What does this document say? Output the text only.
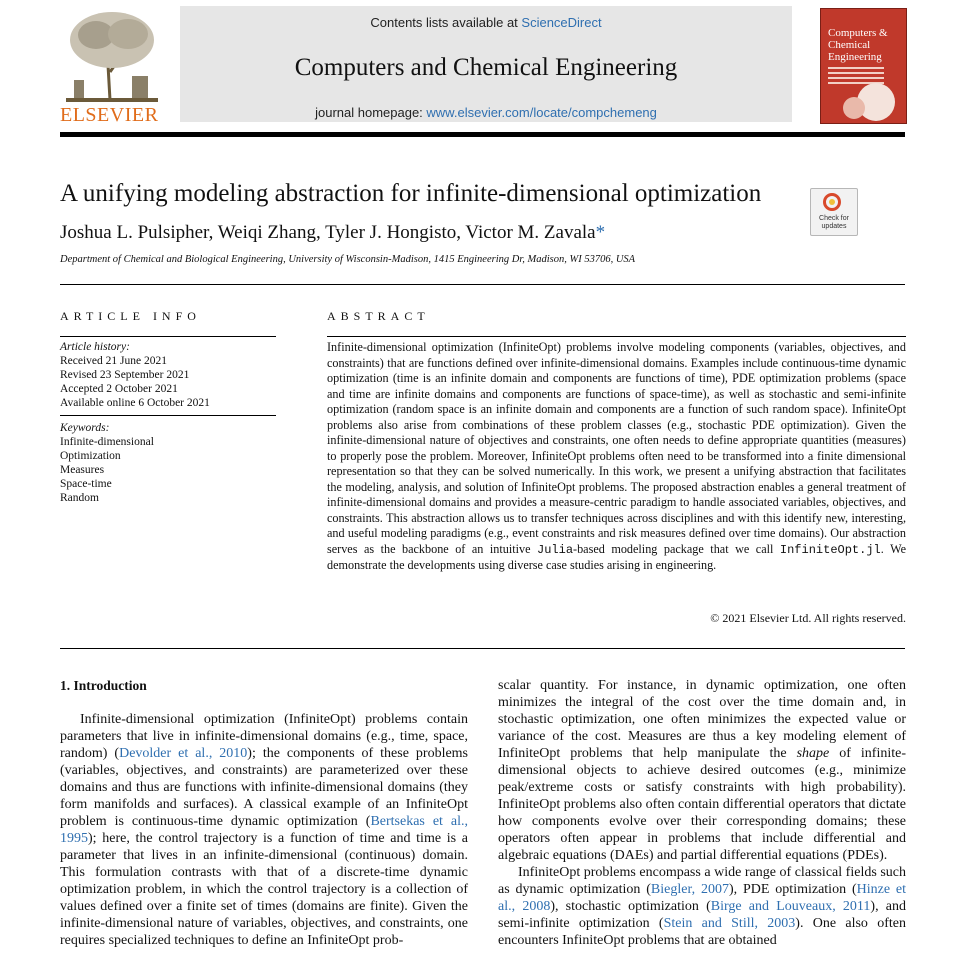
ELSEVIER
Contents lists available at ScienceDirect
Computers and Chemical Engineering
journal homepage: www.elsevier.com/locate/compchemeng
Computers & Chemical Engineering
A unifying modeling abstraction for infinite-dimensional optimization
Joshua L. Pulsipher, Weiqi Zhang, Tyler J. Hongisto, Victor M. Zavala*
Department of Chemical and Biological Engineering, University of Wisconsin-Madison, 1415 Engineering Dr, Madison, WI 53706, USA
Check for updates
ARTICLE INFO
Article history:
Received 21 June 2021
Revised 23 September 2021
Accepted 2 October 2021
Available online 6 October 2021
Keywords:
Infinite-dimensional
Optimization
Measures
Space-time
Random
ABSTRACT
Infinite-dimensional optimization (InfiniteOpt) problems involve modeling components (variables, objectives, and constraints) that are functions defined over infinite-dimensional domains. Examples include continuous-time dynamic optimization (time is an infinite domain and components are functions of time), PDE optimization problems (space and time are infinite domains and components are functions of space-time), as well as stochastic and semi-infinite optimization (random space is an infinite domain and components are a function of such random space). InfiniteOpt problems also arise from combinations of these problem classes (e.g., stochastic PDE optimization). Given the infinite-dimensional nature of objectives and constraints, one often needs to define appropriate quantities (measures) to properly pose the problem. Moreover, InfiniteOpt problems often need to be transformed into a finite dimensional representation so that they can be solved numerically. In this work, we present a unifying abstraction that facilitates the modeling, analysis, and solution of InfiniteOpt problems. The proposed abstraction enables a general treatment of infinite-dimensional domains and provides a measure-centric paradigm to handle associated variables, objectives, and constraints. This abstraction allows us to transfer techniques across disciplines and with this identify new, interesting, and useful modeling paradigms (e.g., event constraints and risk measures defined over time domains). Our abstraction serves as the backbone of an intuitive Julia-based modeling package that we call InfiniteOpt.jl. We demonstrate the developments using diverse case studies arising in engineering.
© 2021 Elsevier Ltd. All rights reserved.
1. Introduction

Infinite-dimensional optimization (InfiniteOpt) problems contain parameters that live in infinite-dimensional domains (e.g., time, space, random) (Devolder et al., 2010); the components of these problems (variables, objectives, and constraints) are parameterized over these domains and thus are functions with infinite-dimensional domains (they form manifolds and surfaces). A classical example of an InfiniteOpt problem is continuous-time dynamic optimization (Bertsekas et al., 1995); here, the control trajectory is a function of time and time is a parameter that lives in an infinite-dimensional (continuous) domain. This formulation contrasts with that of a discrete-time dynamic optimization problem, in which the control trajectory is a collection of values defined over a finite set of times (domains are finite). Given the infinite-dimensional nature of variables, objectives, and constraints, one requires specialized techniques to define an InfiniteOpt prob-

scalar quantity. For instance, in dynamic optimization, one often minimizes the integral of the cost over the time domain and, in stochastic optimization, one often minimizes the expected value or variance of the cost. Measures are thus a key modeling element of InfiniteOpt problems that help manipulate the shape of infinite-dimensional objects to achieve desired outcomes (e.g., minimize peak/extreme costs or satisfy constraints with high probability). InfiniteOpt problems also often contain differential operators that dictate how components evolve over their corresponding domains; these operators often appear in problems that include differential and algebraic equations (DAEs) and partial differential equations (PDEs).

InfiniteOpt problems encompass a wide range of classical fields such as dynamic optimization (Biegler, 2007), PDE optimization (Hinze et al., 2008), stochastic optimization (Birge and Louveaux, 2011), and semi-infinite optimization (Stein and Still, 2003). One also often encounters InfiniteOpt problems that are obtained
